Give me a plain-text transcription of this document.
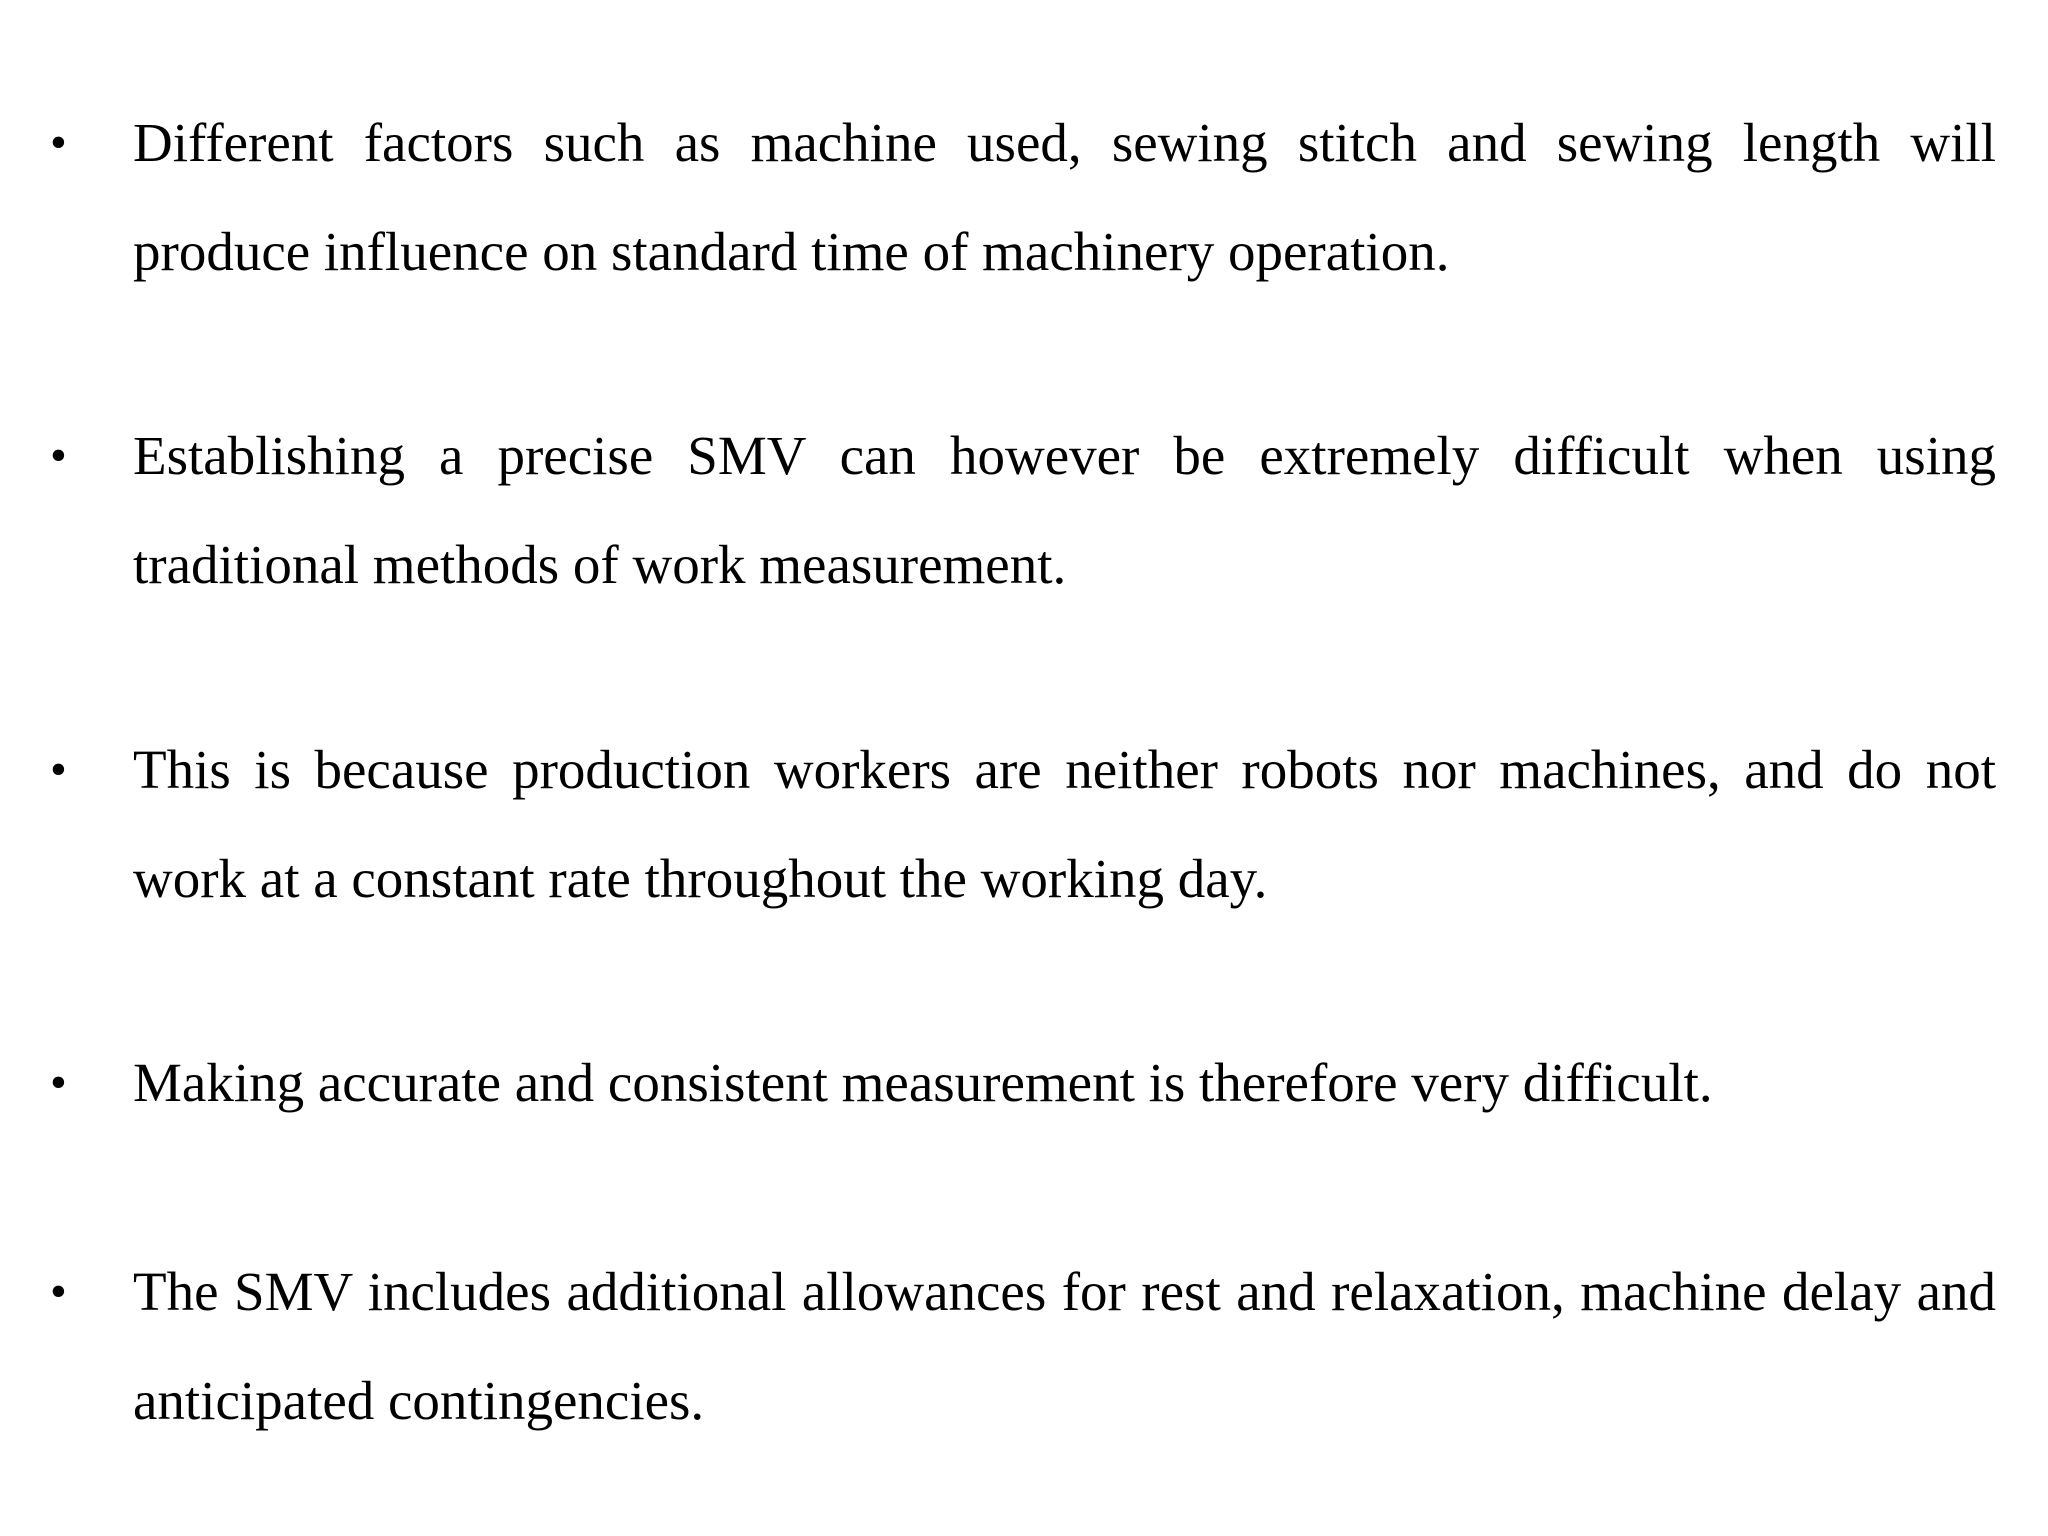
• Different factors such as machine used, sewing stitch and sewing length will produce influence on standard time of machinery operation.

• Establishing a precise SMV can however be extremely difficult when using traditional methods of work measurement.

• This is because production workers are neither robots nor machines, and do not work at a constant rate throughout the working day.

• Making accurate and consistent measurement is therefore very difficult.

• The SMV includes additional allowances for rest and relaxation, machine delay and anticipated contingencies.
